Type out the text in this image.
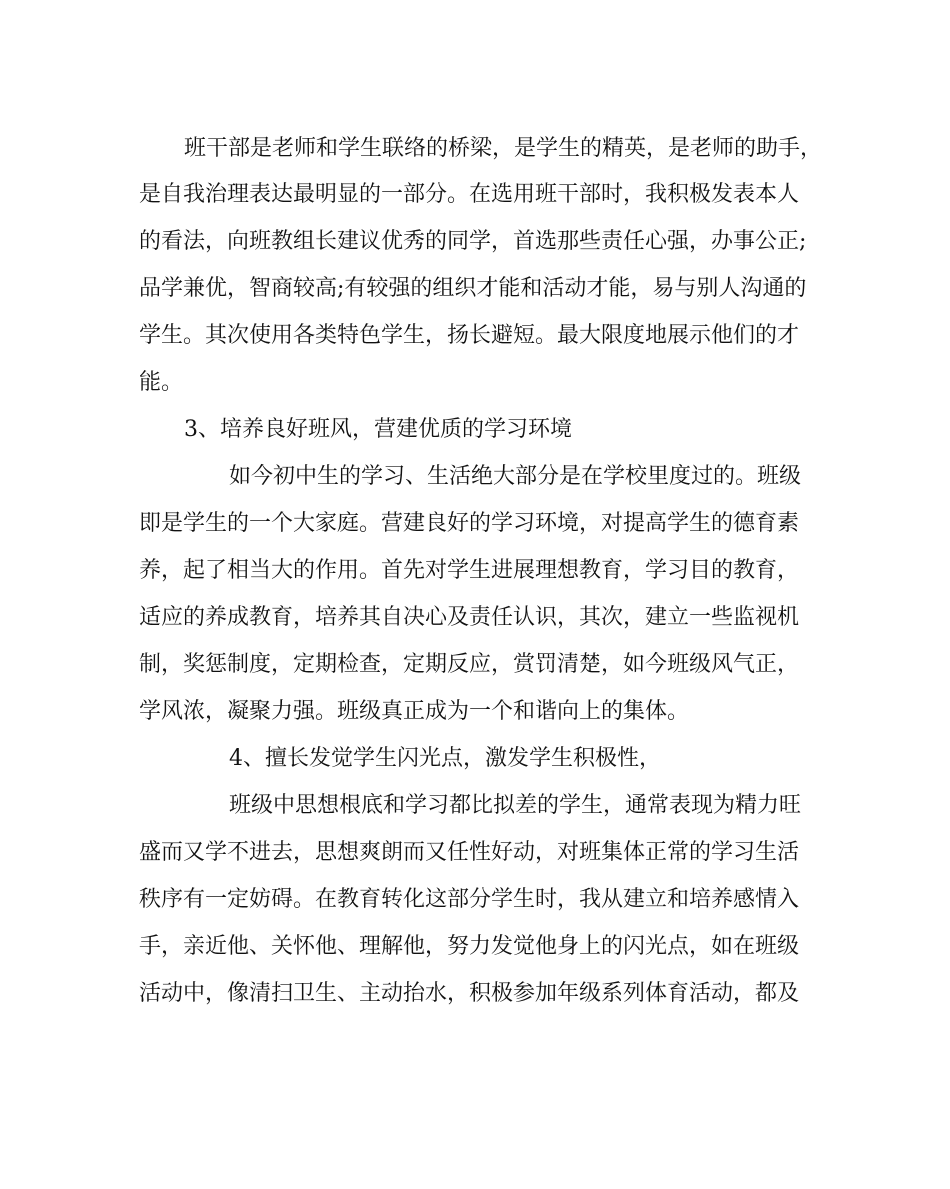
班干部是老师和学生联络的桥梁，是学生的精英，是老师的助手，

是自我治理表达最明显的一部分。在选用班干部时，我积极发表本人

的看法，向班教组长建议优秀的同学，首选那些责任心强，办事公正;

品学兼优，智商较高;有较强的组织才能和活动才能，易与别人沟通的

学生。其次使用各类特色学生，扬长避短。最大限度地展示他们的才

能。

3、培养良好班风，营建优质的学习环境

如今初中生的学习、生活绝大部分是在学校里度过的。班级

即是学生的一个大家庭。营建良好的学习环境，对提高学生的德育素

养，起了相当大的作用。首先对学生进展理想教育，学习目的教育，

适应的养成教育，培养其自决心及责任认识，其次，建立一些监视机

制，奖惩制度，定期检查，定期反应，赏罚清楚，如今班级风气正，

学风浓，凝聚力强。班级真正成为一个和谐向上的集体。

4、擅长发觉学生闪光点，激发学生积极性，

班级中思想根底和学习都比拟差的学生，通常表现为精力旺

盛而又学不进去，思想爽朗而又任性好动，对班集体正常的学习生活

秩序有一定妨碍。在教育转化这部分学生时，我从建立和培养感情入

手，亲近他、关怀他、理解他，努力发觉他身上的闪光点，如在班级

活动中，像清扫卫生、主动抬水，积极参加年级系列体育活动，都及
